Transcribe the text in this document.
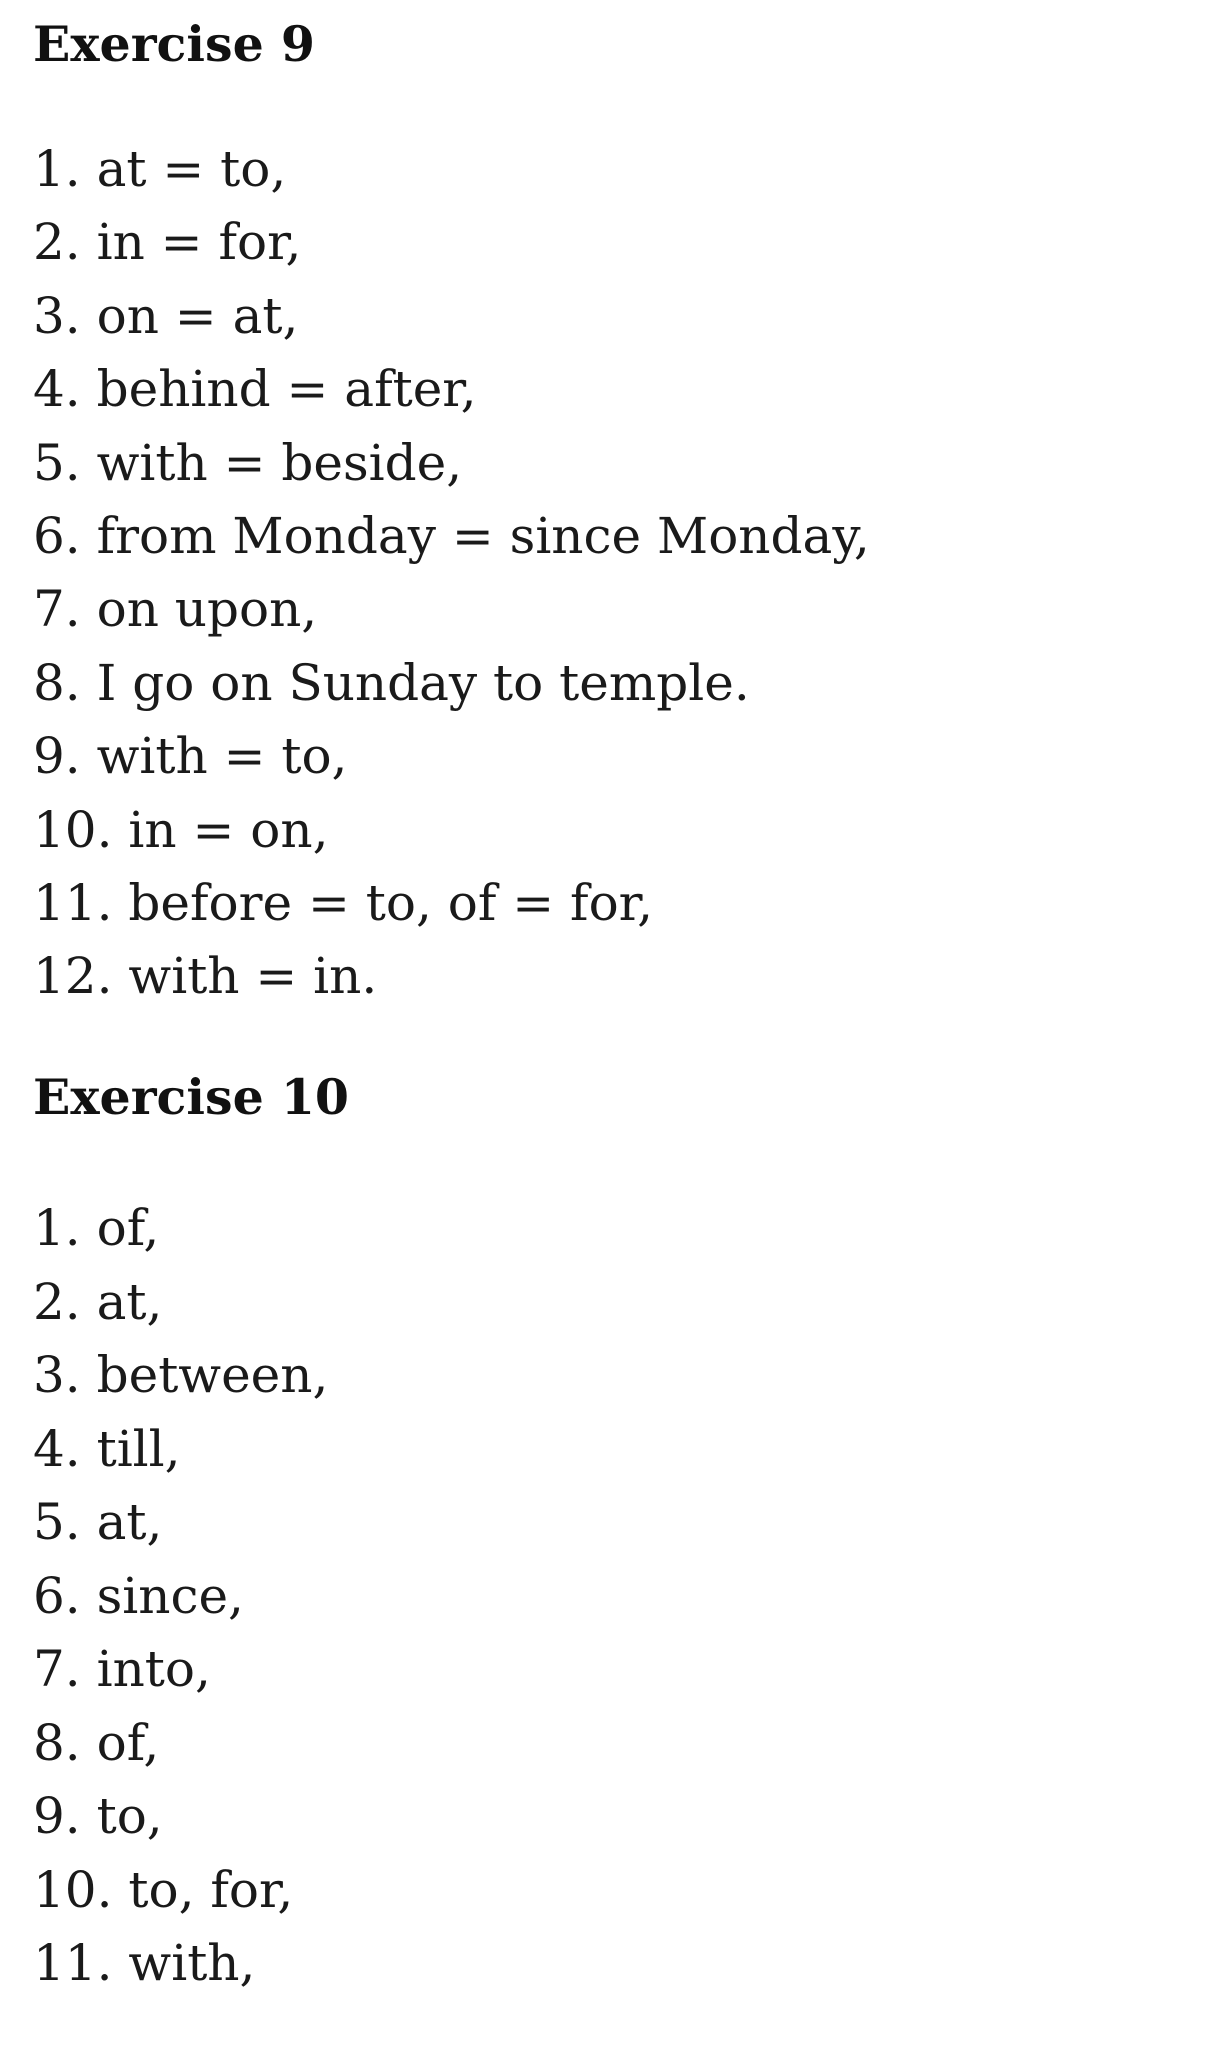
Exercise 9
1. at = to,
2. in = for,
3. on = at,
4. behind = after,
5. with = beside,
6. from Monday = since Monday,
7. on upon,
8. I go on Sunday to temple.
9. with = to,
10. in = on,
11. before = to, of = for,
12. with = in.
Exercise 10
1. of,
2. at,
3. between,
4. till,
5. at,
6. since,
7. into,
8. of,
9. to,
10. to, for,
11. with,
